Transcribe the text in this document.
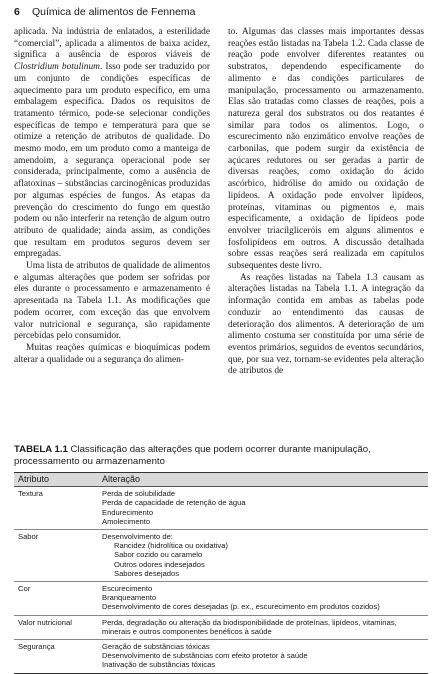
6 Química de alimentos de Fennema

aplicada. Na indústria de enlatados, a esterilidade “comercial”, aplicada a alimentos de baixa acidez, significa a ausência de esporos viáveis de Clostridium botulinum. Isso pode ser traduzido por um conjunto de condições específicas de aquecimento para um produto específico, em uma embalagem específica. Dados os requisitos de tratamento térmico, pode-se selecionar condições específicas de tempo e temperatura para que se otimize a retenção de atributos de qualidade. Do mesmo modo, em um produto como a manteiga de amendoim, a segurança operacional pode ser considerada, principalmente, como a ausência de aflatoxinas – substâncias carcinogênicas produzidas por algumas espécies de fungos. As etapas da prevenção do crescimento do fungo em questão podem ou não interferir na retenção de algum outro atributo de qualidade; ainda assim, as condições que resultam em produtos seguros devem ser empregadas.

Uma lista de atributos de qualidade de alimentos e algumas alterações que podem ser sofridas por eles durante o processamento e armazenamento é apresentada na Tabela 1.1. As modificações que podem ocorrer, com exceção das que envolvem valor nutricional e segurança, são rapidamente percebidas pelo consumidor.

Muitas reações químicas e bioquímicas podem alterar a qualidade ou a segurança do alimen-

to. Algumas das classes mais importantes dessas reações estão listadas na Tabela 1.2. Cada classe de reação pode envolver diferentes reatantes ou substratos, dependendo especificamente do alimento e das condições particulares de manipulação, processamento ou armazenamento. Elas são tratadas como classes de reações, pois a natureza geral dos substratos ou dos reatantes é similar para todos os alimentos. Logo, o escurecimento não enzimático envolve reações de carbonilas, que podem surgir da existência de açúcares redutores ou ser geradas a partir de diversas reações, como oxidação do ácido ascórbico, hidrólise do amido ou oxidação de lipídeos. A oxidação pode envolver lipídeos, proteínas, vitaminas ou pigmentos e, mais especificamente, a oxidação de lipídeos pode envolver triacilgliceróis em alguns alimentos e fosfolipídeos em outros. A discussão detalhada sobre essas reações será realizada em capítulos subsequentes deste livro.

As reações listadas na Tabela 1.3 causam as alterações listadas na Tabela 1.1. A integração da informação contida em ambas as tabelas pode conduzir ao entendimento das causas de deterioração dos alimentos. A deterioração de um alimento costuma ser constituída por uma série de eventos primários, seguidos de eventos secundários, que, por sua vez, tornam-se evidentes pela alteração de atributos de

TABELA 1.1 Classificação das alterações que podem ocorrer durante manipulação, processamento ou armazenamento
Atributo	Alteração
Textura	Perda de solubilidade
Perda de capacidade de retenção de água
Endurecimento
Amolecimento

Sabor	Desenvolvimento de:
Rancidez (hidrolítica ou oxidativa)
Sabor cozido ou caramelo
Outros odores indesejados
Sabores desejados

Cor	Escurecimento
Branqueamento
Desenvolvimento de cores desejadas (p. ex., escurecimento em produtos cozidos)

Valor nutricional	Perda, degradação ou alteração da biodisponibilidade de proteínas, lipídeos, vitaminas, minerais e outros componentes benéficos à saúde

Segurança	Geração de substâncias tóxicas
Desenvolvimento de substâncias com efeito protetor à saúde
Inativação de substâncias tóxicas
